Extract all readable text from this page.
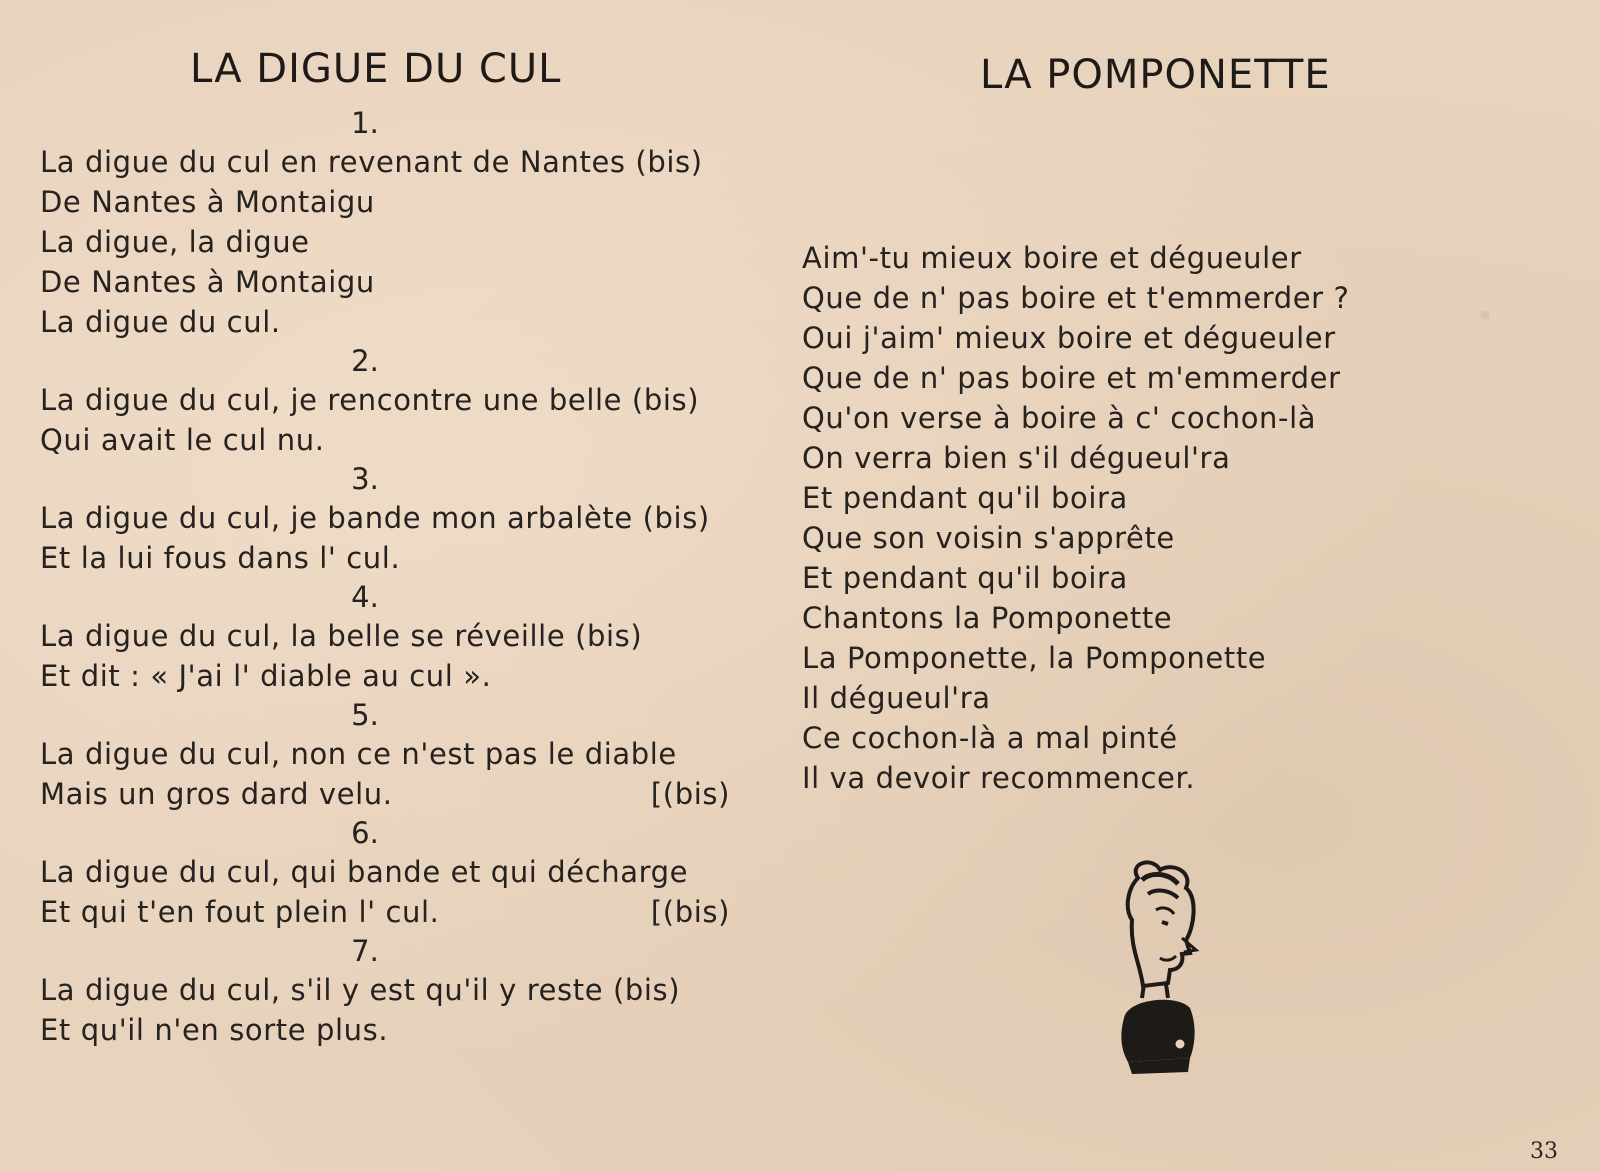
LA DIGUE DU CUL
1.
La digue du cul en revenant de Nantes (bis)
De Nantes à Montaigu
La digue, la digue
De Nantes à Montaigu
La digue du cul.
2.
La digue du cul, je rencontre une belle (bis)
Qui avait le cul nu.
3.
La digue du cul, je bande mon arbalète (bis)
Et la lui fous dans l' cul.
4.
La digue du cul, la belle se réveille (bis)
Et dit : « J'ai l' diable au cul ».
5.
La digue du cul, non ce n'est pas le diable
Mais un gros dard velu.	[(bis)
6.
La digue du cul, qui bande et qui décharge
Et qui t'en fout plein l' cul.	[(bis)
7.
La digue du cul, s'il y est qu'il y reste (bis)
Et qu'il n'en sorte plus.
LA POMPONETTE
Aim'-tu mieux boire et dégueuler
Que de n' pas boire et t'emmerder ?
Oui j'aim' mieux boire et dégueuler
Que de n' pas boire et m'emmerder
Qu'on verse à boire à c' cochon-là
On verra bien s'il dégueul'ra
Et pendant qu'il boira
Que son voisin s'apprête
Et pendant qu'il boira
Chantons la Pomponette
La Pomponette, la Pomponette
Il dégueul'ra
Ce cochon-là a mal pinté
Il va devoir recommencer.
33
